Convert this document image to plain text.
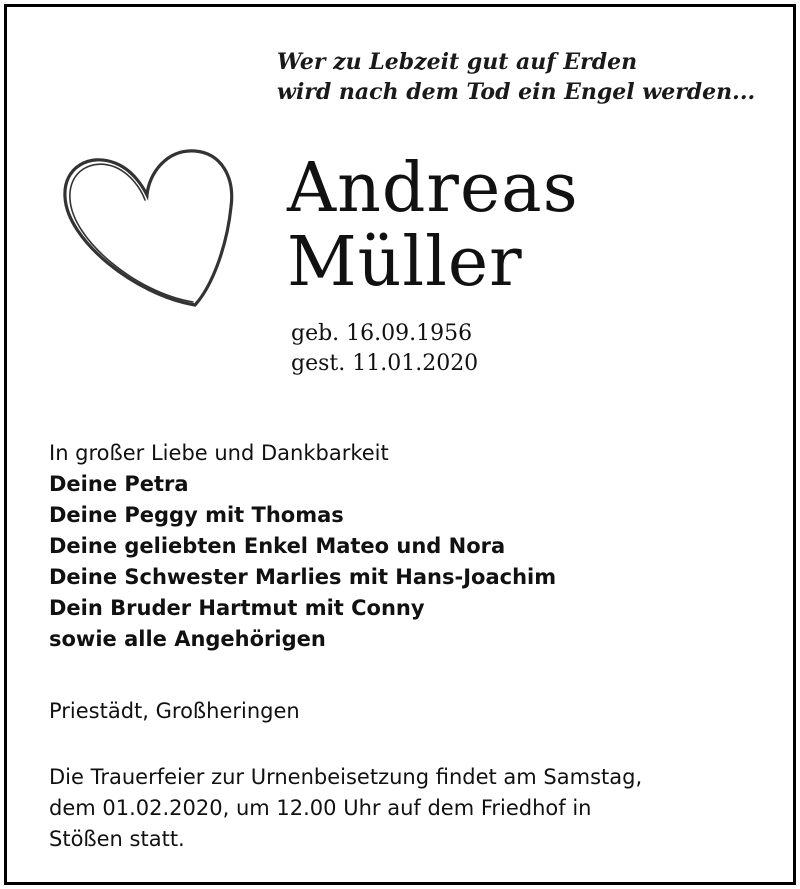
Wer zu Lebzeit gut auf Erden
wird nach dem Tod ein Engel werden...
Andreas
Müller
geb. 16.09.1956
gest. 11.01.2020
In großer Liebe und Dankbarkeit
Deine Petra
Deine Peggy mit Thomas
Deine geliebten Enkel Mateo und Nora
Deine Schwester Marlies mit Hans-Joachim
Dein Bruder Hartmut mit Conny
sowie alle Angehörigen
Priestädt, Großheringen
Die Trauerfeier zur Urnenbeisetzung findet am Samstag,
dem 01.02.2020, um 12.00 Uhr auf dem Friedhof in
Stößen statt.
